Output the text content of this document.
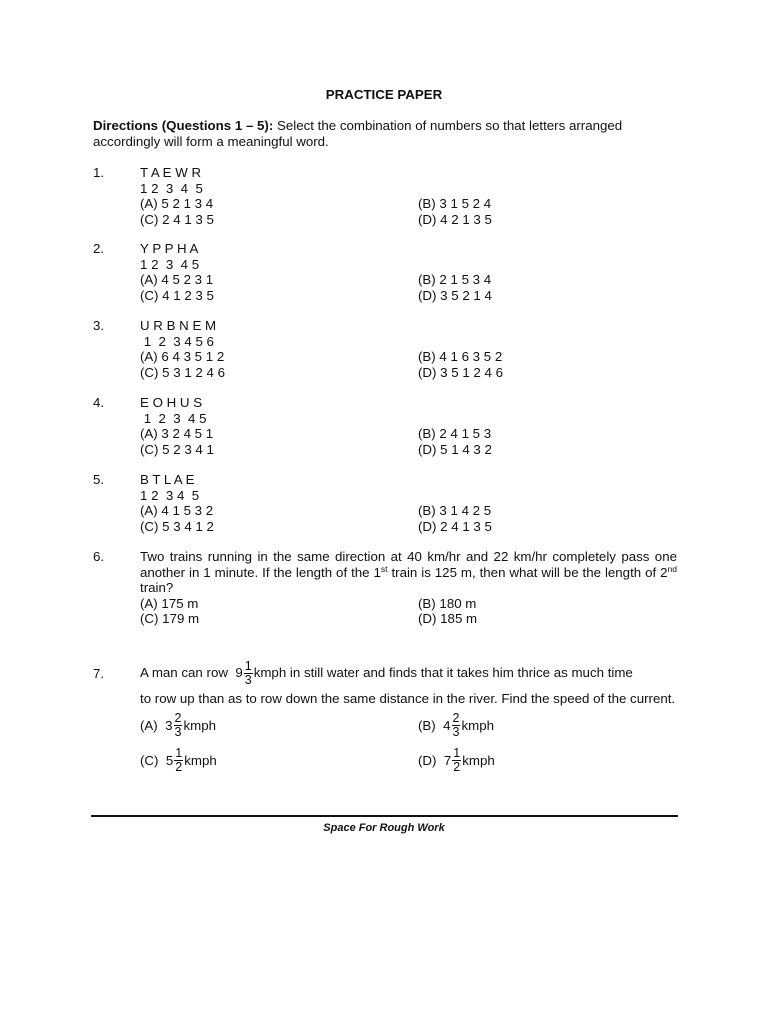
PRACTICE PAPER
Directions (Questions 1 – 5): Select the combination of numbers so that letters arranged accordingly will form a meaningful word.
1.	T A E W R
1 2  3  4  5
(A) 5 2 1 3 4	(B) 3 1 5 2 4
(C) 2 4 1 3 5	(D) 4 2 1 3 5
2.	Y P P H A
1 2  3  4 5
(A) 4 5 2 3 1	(B) 2 1 5 3 4
(C) 4 1 2 3 5	(D) 3 5 2 1 4
3.	U R B N E M
1  2  3 4 5 6
(A) 6 4 3 5 1 2	(B) 4 1 6 3 5 2
(C) 5 3 1 2 4 6	(D) 3 5 1 2 4 6
4.	E O H U S
1  2  3  4 5
(A) 3 2 4 5 1	(B) 2 4 1 5 3
(C) 5 2 3 4 1	(D) 5 1 4 3 2
5.	B T L A E
1 2  3 4  5
(A) 4 1 5 3 2	(B) 3 1 4 2 5
(C) 5 3 4 1 2	(D) 2 4 1 3 5
6.	Two trains running in the same direction at 40 km/hr and 22 km/hr completely pass one another in 1 minute. If the length of the 1st train is 125 m, then what will be the length of 2nd train?
(A) 175 m	(B) 180 m
(C) 179 m	(D) 185 m
7.	A man can row $9 \frac{1}{3}$ kmph in still water and finds that it takes him thrice as much time
to row up than as to row down the same distance in the river. Find the speed of the current.
(A) $3 \frac{2}{3}$ kmph	(B) $4 \frac{2}{3}$ kmph
(C) $5 \frac{1}{2}$ kmph	(D) $7 \frac{1}{2}$ kmph
Space For Rough Work
